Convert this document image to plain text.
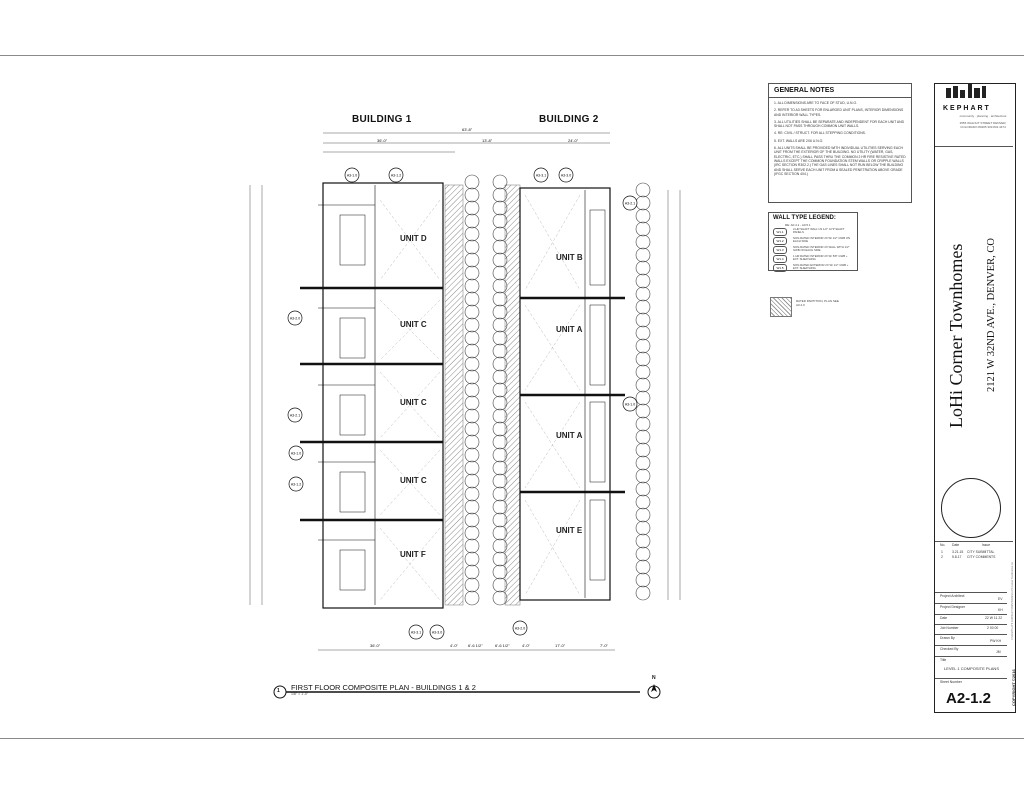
BUILDING 1	BUILDING 2
A3-1.0	A3-1.2	A3-3.1	A3-3.0
A3-2.0
A3-2.1
A3-1.0
A3-1.2
A3-3.1	A3-3.0
A3-2.0
A3-2.1
A3-1.0
UNIT D
UNIT C
UNIT C
UNIT C
UNIT F
UNIT B
UNIT A
UNIT A
UNIT E
63'-8"
36'-0"	13'-8"	24'-0"
36'-0"	4'-0"	6'-6 1/2"	6'-6 1/2"	4'-0"	17'-0"	7'-0"
1
N
FIRST FLOOR COMPOSITE PLAN - BUILDINGS 1 & 2
1/8" = 1'-0"
GENERAL NOTES
1. ALL DIMENSIONS ARE TO FACE OF STUD, U.N.O.
2. REFER TO A3 SHEETS FOR ENLARGED UNIT PLANS, INTERIOR DIMENSIONS AND INTERIOR WALL TYPES.
3. ALL UTILITIES SHALL BE SEPARATE AND INDEPENDENT FOR EACH UNIT AND SHALL NOT PASS THROUGH COMMON UNIT WALLS.
4. RE: CIVIL / STRUCT. FOR ALL STEPPING CONDITIONS.
5. EXT. WALLS ARE 2X6 U.N.O.
6. ALL UNITS SHALL BE PROVIDED WITH INDIVIDUAL UTILITIES SERVING EACH UNIT FROM THE EXTERIOR OF THE BUILDING. NO UTILITY (WATER, GAS, ELECTRIC, ETC.) SHALL PASS THRU THE COMMON 2 HR FIRE RESISTIVE RATED WALLS EXCEPT THE COMMON FOUNDATION STEM WALLS OR CRIPPLE WALLS (IRC SECTION R302.2.) THE GAS LINES SHALL NOT RUN BELOW THE BUILDING AND SHALL SERVE EACH UNIT FROM A SEALED PENETRATION ABOVE GRADE (IFGC SECTION 404.)
WALL TYPE LEGEND:
RE: A0.4.1 - A0.5.1
W1.1
2-HR SHAFT WALL US 1/2" GYP SHAFT PANELS
W1.2
NON-RATED INTERIOR 2X W/ 1/2" GWB ON EACH SIDE
W1.3
NON-RATED INTERIOR 2X WALL WITH 1/2" GWB ON EACH SIDE
W1.4
1 HR RATED INTERIOR 2X W/ 5/8" GWB + EXT. SHEATHING
W1.5
NON-RATED EXTERIOR 2X W/ 1/2" GWB + EXT. SHEATHING
RATED PARTITION, PLAN SEE A0.4.0
KEPHART
community · planning · architecture
2555 WALNUT STREET DENVER, COLORADO 80205 303.832.4474
LoHi Corner Townhomes 2121 W 32ND AVE., DENVER, CO
No. Date	Issue
1	3.21.15 CITY SUBMITTAL
2	5.8.17 CITY COMMENTS
Project Architect
EV
Project Designer
KH
Date	22 W 11 22
Job Number	2 00 00
Drawn By
PW KH
Checked By
JM
Title
LEVEL 1 COMPOSITE PLANS
Sheet Number
A2-1.2	COPYRIGHT ©2016
C:\REVIT\LOHI CORNER TOWNHOMES\LoHi Corner Townhomes.rvt
